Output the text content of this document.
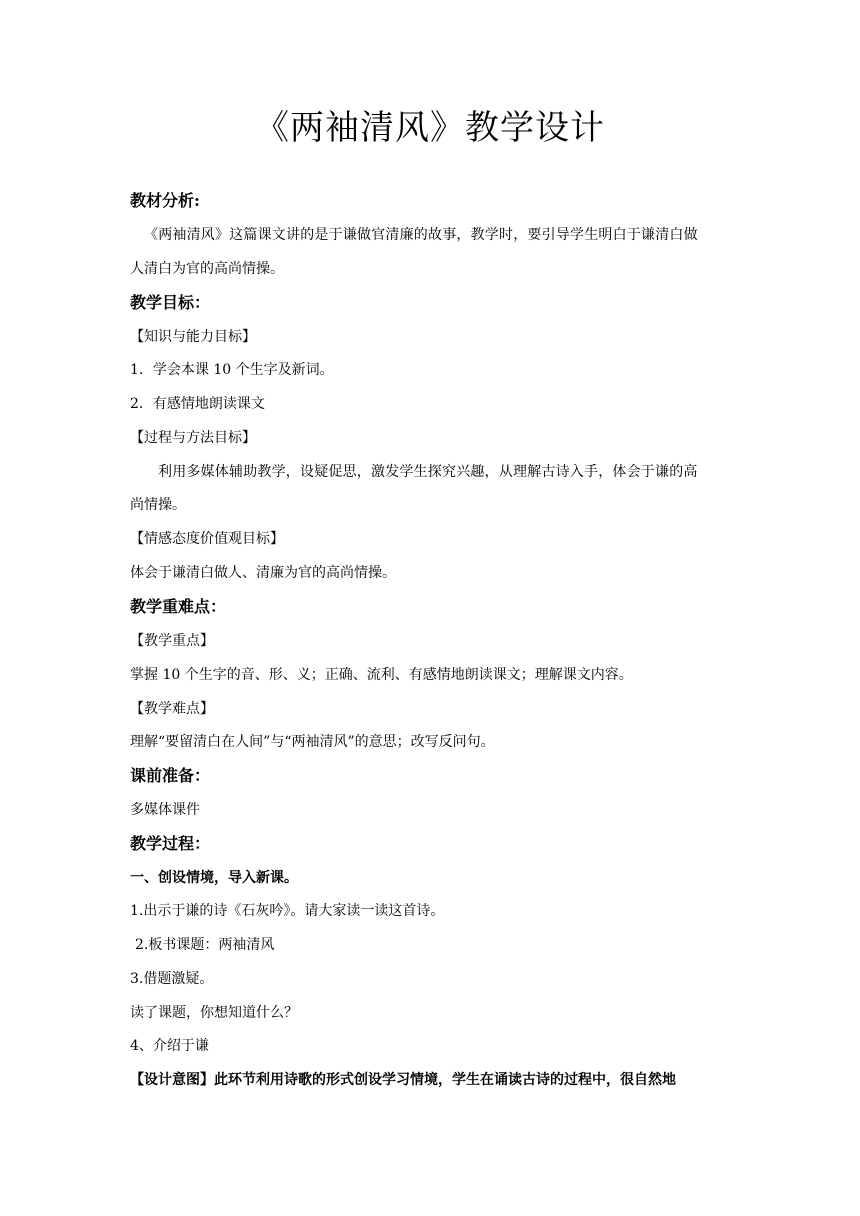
《两袖清风》教学设计
教材分析:
《两袖清风》这篇课文讲的是于谦做官清廉的故事，教学时，要引导学生明白于谦清白做
人清白为官的高尚情操。
教学目标：
【知识与能力目标】
1．学会本课 10 个生字及新词。
2．有感情地朗读课文
【过程与方法目标】
利用多媒体辅助教学，设疑促思，激发学生探究兴趣，从理解古诗入手，体会于谦的高
尚情操。
【情感态度价值观目标】
体会于谦清白做人、清廉为官的高尚情操。
教学重难点：
【教学重点】
掌握 10 个生字的音、形、义；正确、流利、有感情地朗读课文；理解课文内容。
【教学难点】
理解“要留清白在人间”与“两袖清风”的意思；改写反问句。
课前准备：
多媒体课件
教学过程：
一、创设情境，导入新课。
1.出示于谦的诗《石灰吟》。请大家读一读这首诗。
2.板书课题：两袖清风
3.借题激疑。
读了课题，你想知道什么？
4、介绍于谦
【设计意图】此环节利用诗歌的形式创设学习情境，学生在诵读古诗的过程中，很自然地
